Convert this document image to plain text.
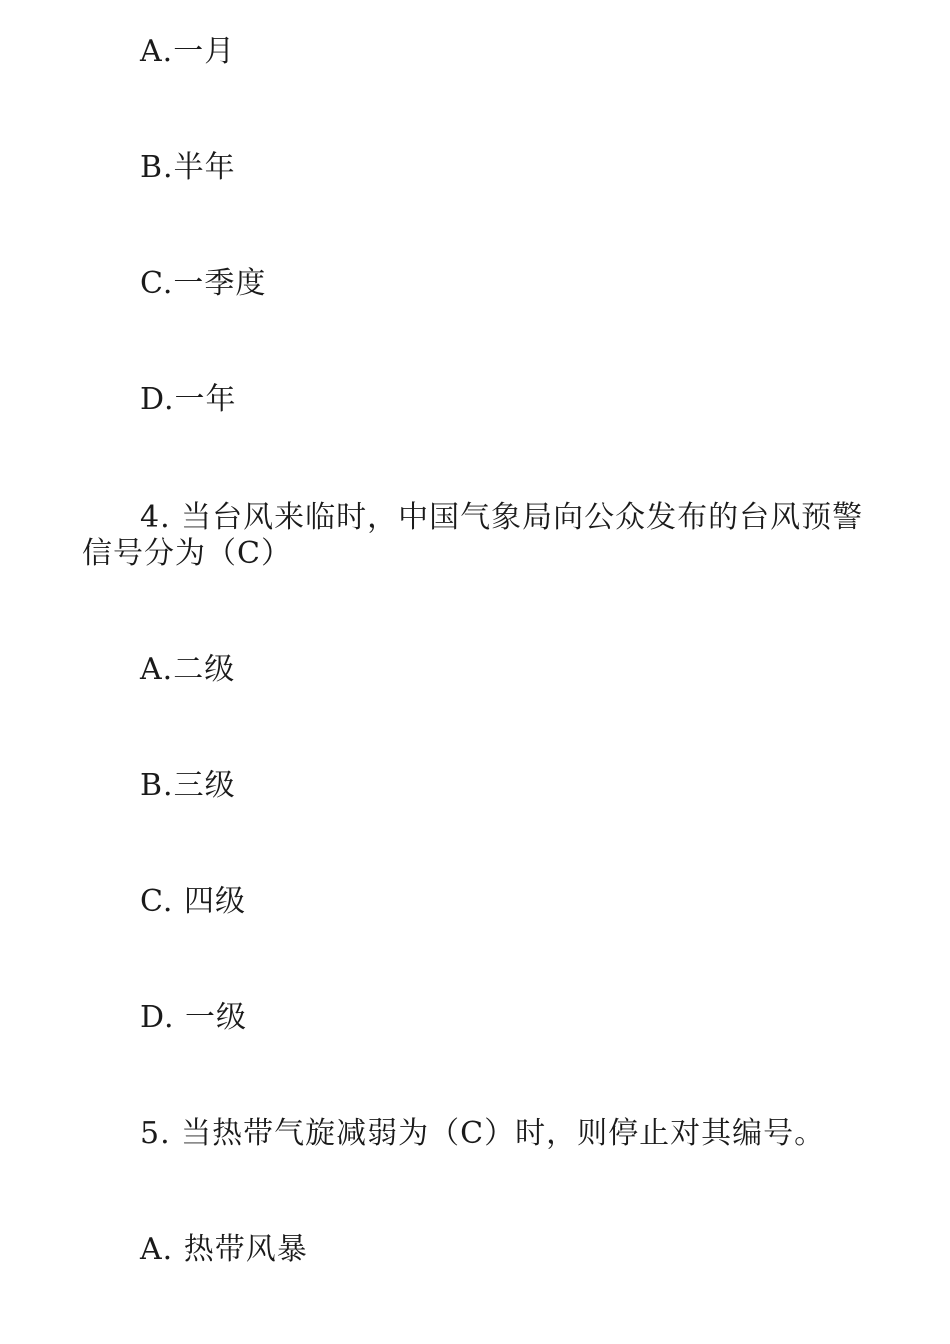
A.一月
B.半年
C.一季度
D.一年
4. 当台风来临时，中国气象局向公众发布的台风预警信号分为（C）
A.二级
B.三级
C. 四级
D. 一级
5. 当热带气旋减弱为（C）时，则停止对其编号。
A. 热带风暴
